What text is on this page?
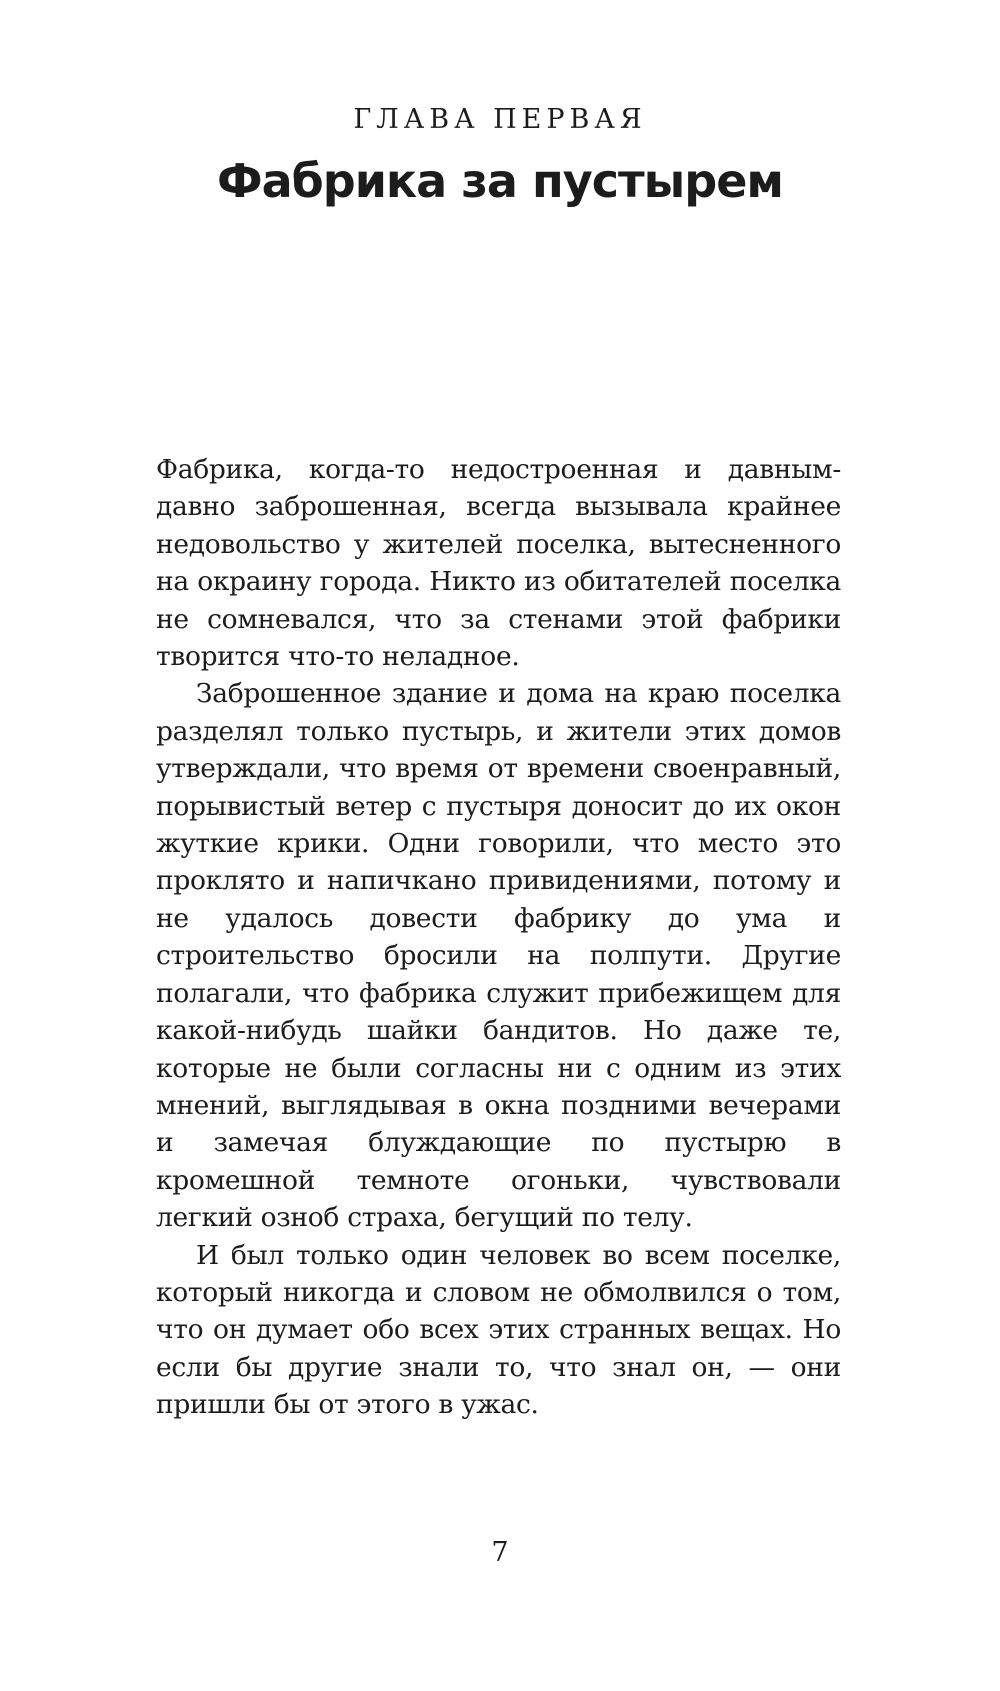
ГЛАВА ПЕРВАЯ
Фабрика за пустырем

Фабрика, когда-то недостроенная и давным-давно заброшенная, всегда вызывала крайнее недовольство у жителей поселка, вытесненного на окраину города. Никто из обитателей поселка не сомневался, что за стенами этой фабрики творится что-то неладное.

Заброшенное здание и дома на краю поселка разделял только пустырь, и жители этих домов утверждали, что время от времени своенравный, порывистый ветер с пустыря доносит до их окон жуткие крики. Одни говорили, что место это проклято и напичкано привидениями, потому и не удалось довести фабрику до ума и строительство бросили на полпути. Другие полагали, что фабрика служит прибежищем для какой-нибудь шайки бандитов. Но даже те, которые не были согласны ни с одним из этих мнений, выглядывая в окна поздними вечерами и замечая блуждающие по пустырю в кромешной темноте огоньки, чувствовали легкий озноб страха, бегущий по телу.

И был только один человек во всем поселке, который никогда и словом не обмолвился о том, что он думает обо всех этих странных вещах. Но если бы другие знали то, что знал он, — они пришли бы от этого в ужас.

7
